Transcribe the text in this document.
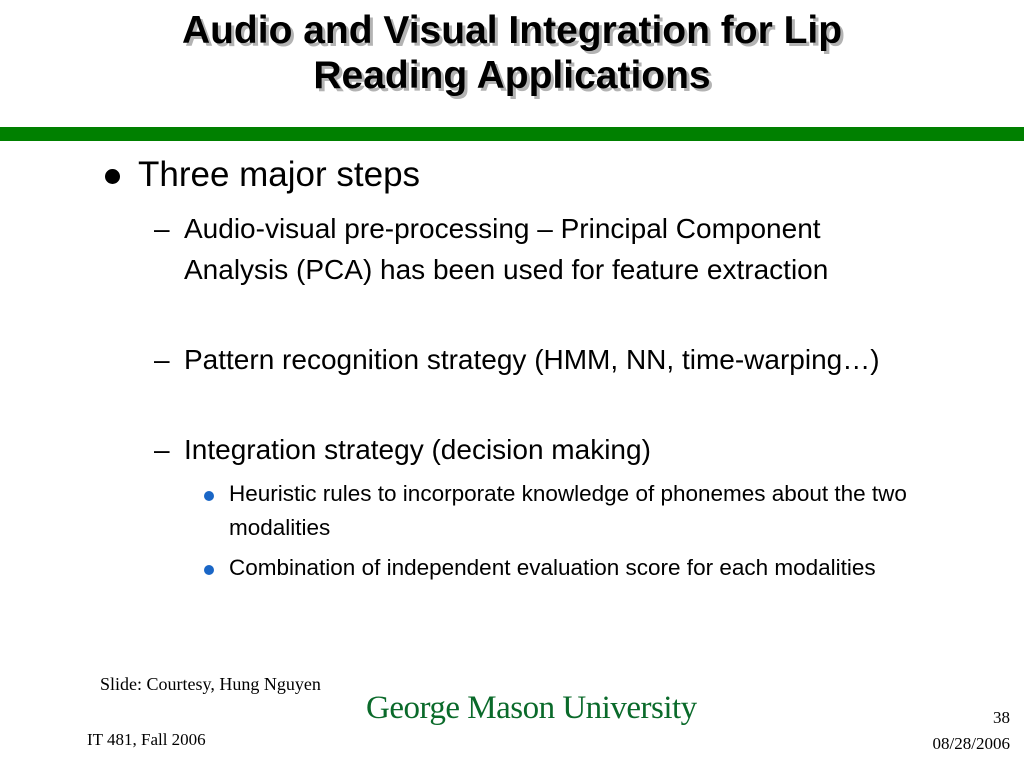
Audio and Visual Integration for Lip
Reading Applications
Three major steps
– Audio-visual pre-processing – Principal Component Analysis (PCA) has been used for feature extraction
– Pattern recognition strategy (HMM, NN, time-warping…)
– Integration strategy (decision making)
Heuristic rules to incorporate knowledge of phonemes about the two modalities
Combination of independent evaluation score for each modalities
Slide: Courtesy, Hung Nguyen
George Mason University
IT 481, Fall 2006
38
08/28/2006
